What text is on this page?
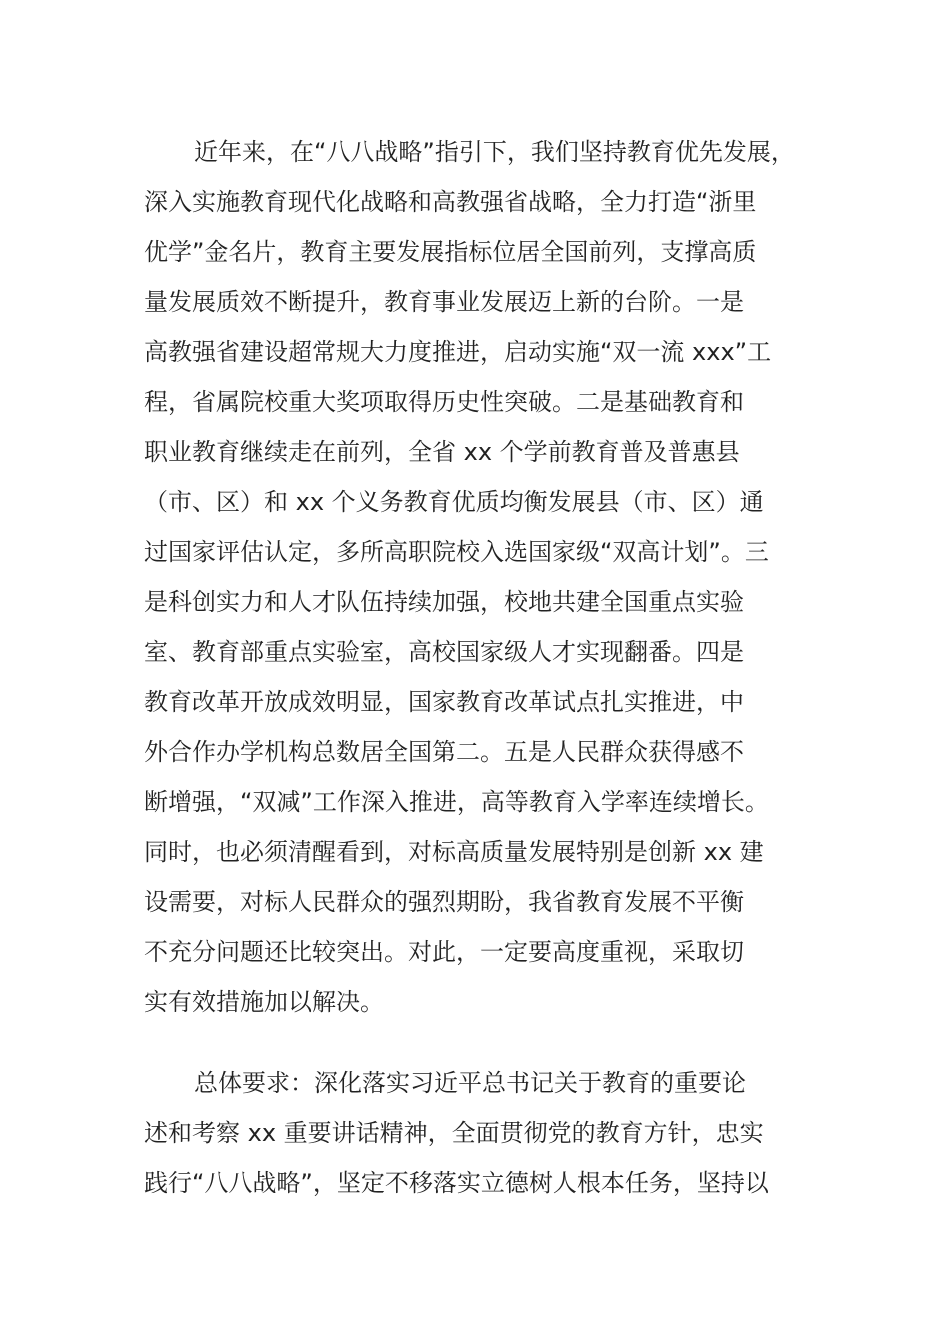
近年来，在“八八战略”指引下，我们坚持教育优先发展，
深入实施教育现代化战略和高教强省战略，全力打造“浙里
优学”金名片，教育主要发展指标位居全国前列，支撑高质
量发展质效不断提升，教育事业发展迈上新的台阶。一是
高教强省建设超常规大力度推进，启动实施“双一流 xxx”工
程，省属院校重大奖项取得历史性突破。二是基础教育和
职业教育继续走在前列，全省 xx 个学前教育普及普惠县
（市、区）和 xx 个义务教育优质均衡发展县（市、区）通
过国家评估认定，多所高职院校入选国家级“双高计划”。三
是科创实力和人才队伍持续加强，校地共建全国重点实验
室、教育部重点实验室，高校国家级人才实现翻番。四是
教育改革开放成效明显，国家教育改革试点扎实推进，中
外合作办学机构总数居全国第二。五是人民群众获得感不
断增强，“双减”工作深入推进，高等教育入学率连续增长。
同时，也必须清醒看到，对标高质量发展特别是创新 xx 建
设需要，对标人民群众的强烈期盼，我省教育发展不平衡
不充分问题还比较突出。对此，一定要高度重视，采取切
实有效措施加以解决。
总体要求：深化落实习近平总书记关于教育的重要论
述和考察 xx 重要讲话精神，全面贯彻党的教育方针，忠实
践行“八八战略”，坚定不移落实立德树人根本任务，坚持以
